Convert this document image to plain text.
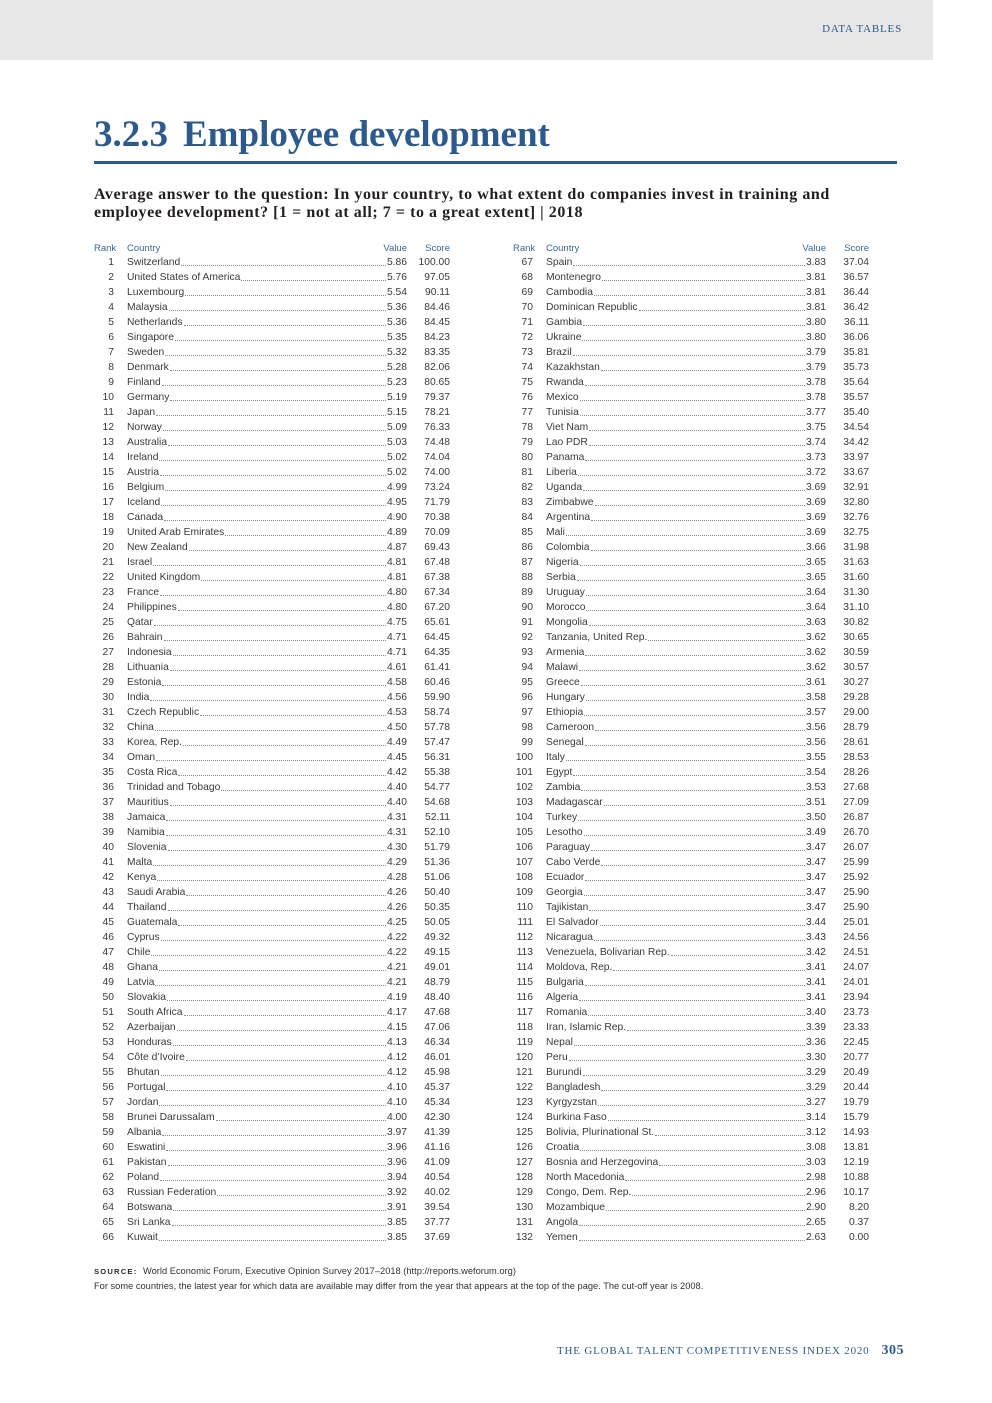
DATA TABLES
3.2.3 Employee development
Average answer to the question: In your country, to what extent do companies invest in training and
employee development? [1 = not at all; 7 = to a great extent] | 2018
Rank	Country	Value	Score
1 Switzerland	5.86	100.00
2 United States of America	5.76	97.05
3 Luxembourg	5.54	90.11
4 Malaysia	5.36	84.46
5 Netherlands	5.36	84.45
6 Singapore	5.35	84.23
7 Sweden	5.32	83.35
8 Denmark	5.28	82.06
9 Finland	5.23	80.65
10 Germany	5.19	79.37
11 Japan	5.15	78.21
12 Norway	5.09	76.33
13 Australia	5.03	74.48
14 Ireland	5.02	74.04
15 Austria	5.02	74.00
16 Belgium	4.99	73.24
17 Iceland	4.95	71.79
18 Canada	4.90	70.38
19 United Arab Emirates	4.89	70.09
20 New Zealand	4.87	69.43
21 Israel	4.81	67.48
22 United Kingdom	4.81	67.38
23 France	4.80	67.34
24 Philippines	4.80	67.20
25 Qatar	4.75	65.61
26 Bahrain	4.71	64.45
27 Indonesia	4.71	64.35
28 Lithuania	4.61	61.41
29 Estonia	4.58	60.46
30 India	4.56	59.90
31 Czech Republic	4.53	58.74
32 China	4.50	57.78
33 Korea, Rep.	4.49	57.47
34 Oman	4.45	56.31
35 Costa Rica	4.42	55.38
36 Trinidad and Tobago	4.40	54.77
37 Mauritius	4.40	54.68
38 Jamaica	4.31	52.11
39 Namibia	4.31	52.10
40 Slovenia	4.30	51.79
41 Malta	4.29	51.36
42 Kenya	4.28	51.06
43 Saudi Arabia	4.26	50.40
44 Thailand	4.26	50.35
45 Guatemala	4.25	50.05
46 Cyprus	4.22	49.32
47 Chile	4.22	49.15
48 Ghana	4.21	49.01
49 Latvia	4.21	48.79
50 Slovakia	4.19	48.40
51 South Africa	4.17	47.68
52 Azerbaijan	4.15	47.06
53 Honduras	4.13	46.34
54 Côte d’Ivoire	4.12	46.01
55 Bhutan	4.12	45.98
56 Portugal	4.10	45.37
57 Jordan	4.10	45.34
58 Brunei Darussalam	4.00	42.30
59 Albania	3.97	41.39
60 Eswatini	3.96	41.16
61 Pakistan	3.96	41.09
62 Poland	3.94	40.54
63 Russian Federation	3.92	40.02
64 Botswana	3.91	39.54
65 Sri Lanka	3.85	37.77
66 Kuwait	3.85	37.69
Rank	Country	Value	Score
67 Spain	3.83	37.04
68 Montenegro	3.81	36.57
69 Cambodia	3.81	36.44
70 Dominican Republic	3.81	36.42
71 Gambia	3.80	36.11
72 Ukraine	3.80	36.06
73 Brazil	3.79	35.81
74 Kazakhstan	3.79	35.73
75 Rwanda	3.78	35.64
76 Mexico	3.78	35.57
77 Tunisia	3.77	35.40
78 Viet Nam	3.75	34.54
79 Lao PDR	3.74	34.42
80 Panama	3.73	33.97
81 Liberia	3.72	33.67
82 Uganda	3.69	32.91
83 Zimbabwe	3.69	32.80
84 Argentina	3.69	32.76
85 Mali	3.69	32.75
86 Colombia	3.66	31.98
87 Nigeria	3.65	31.63
88 Serbia	3.65	31.60
89 Uruguay	3.64	31.30
90 Morocco	3.64	31.10
91 Mongolia	3.63	30.82
92 Tanzania, United Rep.	3.62	30.65
93 Armenia	3.62	30.59
94 Malawi	3.62	30.57
95 Greece	3.61	30.27
96 Hungary	3.58	29.28
97 Ethiopia	3.57	29.00
98 Cameroon	3.56	28.79
99 Senegal	3.56	28.61
100 Italy	3.55	28.53
101 Egypt	3.54	28.26
102 Zambia	3.53	27.68
103 Madagascar	3.51	27.09
104 Turkey	3.50	26.87
105 Lesotho	3.49	26.70
106 Paraguay	3.47	26.07
107 Cabo Verde	3.47	25.99
108 Ecuador	3.47	25.92
109 Georgia	3.47	25.90
110 Tajikistan	3.47	25.90
111 El Salvador	3.44	25.01
112 Nicaragua	3.43	24.56
113 Venezuela, Bolivarian Rep.	3.42	24.51
114 Moldova, Rep.	3.41	24.07
115 Bulgaria	3.41	24.01
116 Algeria	3.41	23.94
117 Romania	3.40	23.73
118 Iran, Islamic Rep.	3.39	23.33
119 Nepal	3.36	22.45
120 Peru	3.30	20.77
121 Burundi	3.29	20.49
122 Bangladesh	3.29	20.44
123 Kyrgyzstan	3.27	19.79
124 Burkina Faso	3.14	15.79
125 Bolivia, Plurinational St.	3.12	14.93
126 Croatia	3.08	13.81
127 Bosnia and Herzegovina	3.03	12.19
128 North Macedonia	2.98	10.88
129 Congo, Dem. Rep.	2.96	10.17
130 Mozambique	2.90	8.20
131 Angola	2.65	0.37
132 Yemen	2.63	0.00
SOURCE: World Economic Forum, Executive Opinion Survey 2017–2018 (http://reports.weforum.org)
For some countries, the latest year for which data are available may differ from the year that appears at the top of the page. The cut-off year is 2008.
THE GLOBAL TALENT COMPETITIVENESS INDEX 2020 305
